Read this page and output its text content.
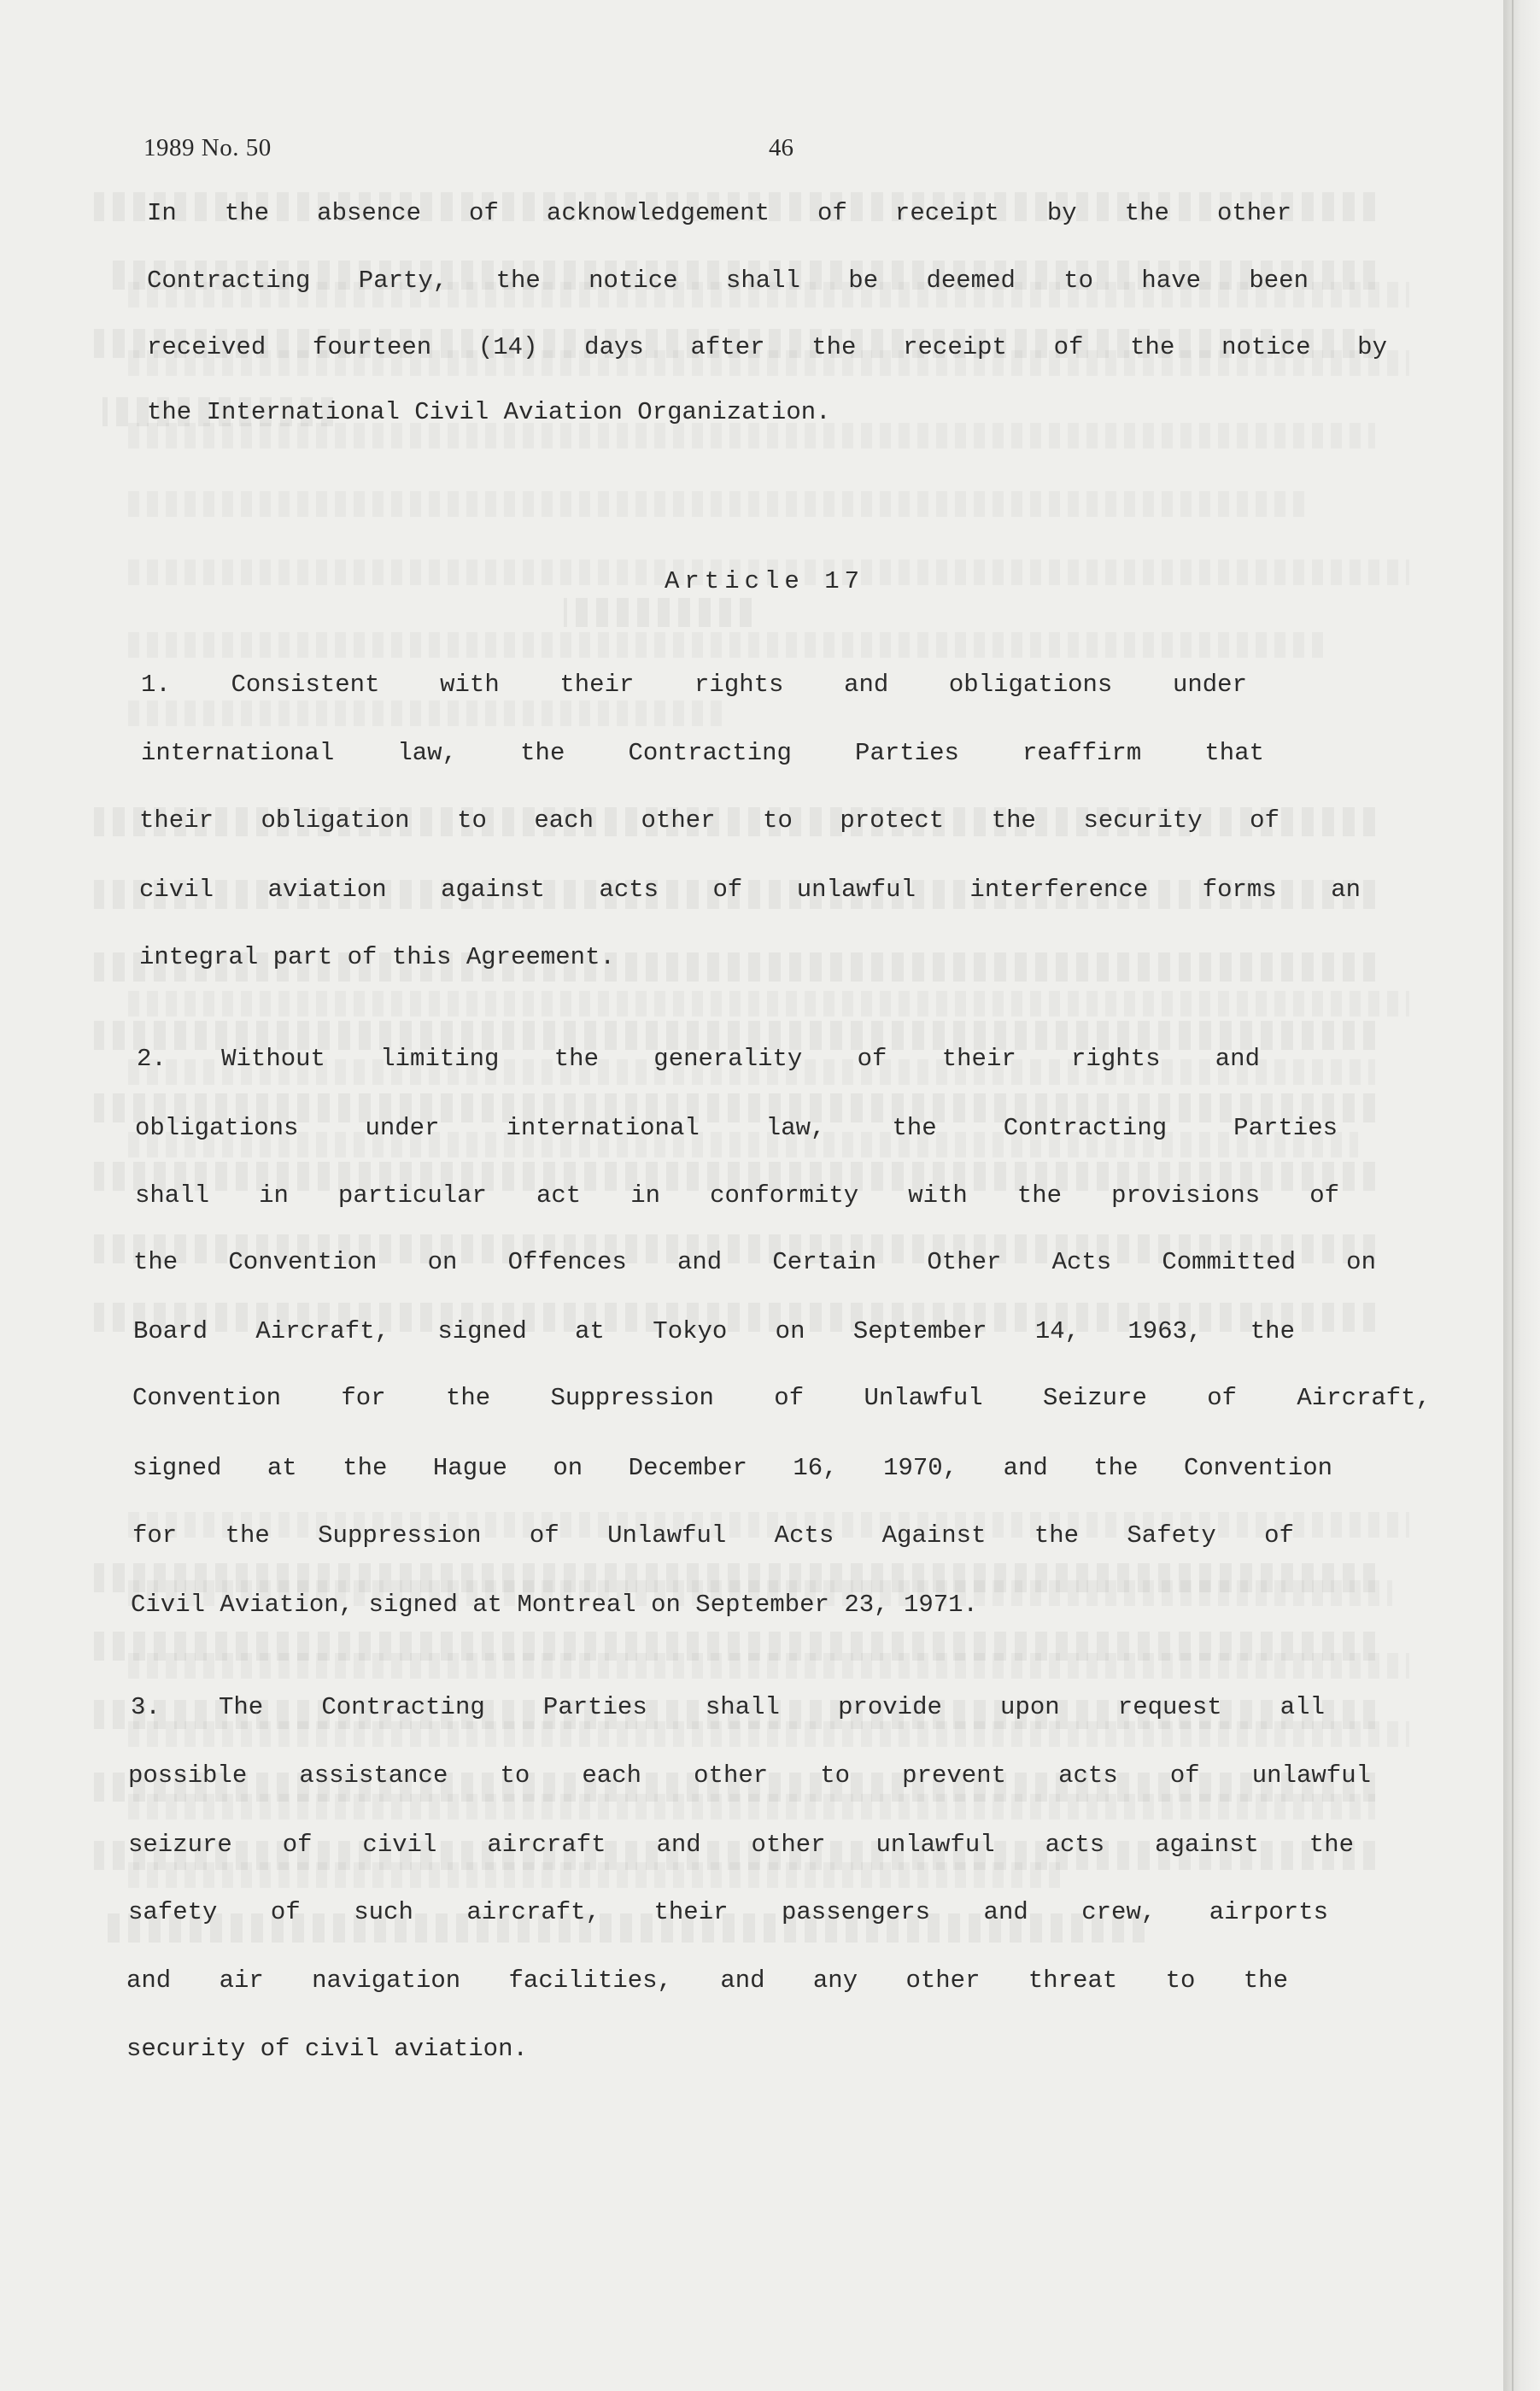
1989 No. 50	46
In the absence of acknowledgement of receipt by the other
Contracting Party, the notice shall be deemed to have been
received fourteen (14) days after the receipt of the notice by
the International Civil Aviation Organization.
Article 17
1. Consistent with their rights and obligations under
international law, the Contracting Parties reaffirm that
their obligation to each other to protect the security of
civil aviation against acts of unlawful interference forms an
integral part of this Agreement.
2. Without limiting the generality of their rights and
obligations under international law, the Contracting Parties
shall in particular act in conformity with the provisions of
the Convention on Offences and Certain Other Acts Committed on
Board Aircraft, signed at Tokyo on September 14, 1963, the
Convention for the Suppression of Unlawful Seizure of Aircraft,
signed at the Hague on December 16, 1970, and the Convention
for the Suppression of Unlawful Acts Against the Safety of
Civil Aviation, signed at Montreal on September 23, 1971.
3. The Contracting Parties shall provide upon request all
possible assistance to each other to prevent acts of unlawful
seizure of civil aircraft and other unlawful acts against the
safety of such aircraft, their passengers and crew, airports
and air navigation facilities, and any other threat to the
security of civil aviation.
